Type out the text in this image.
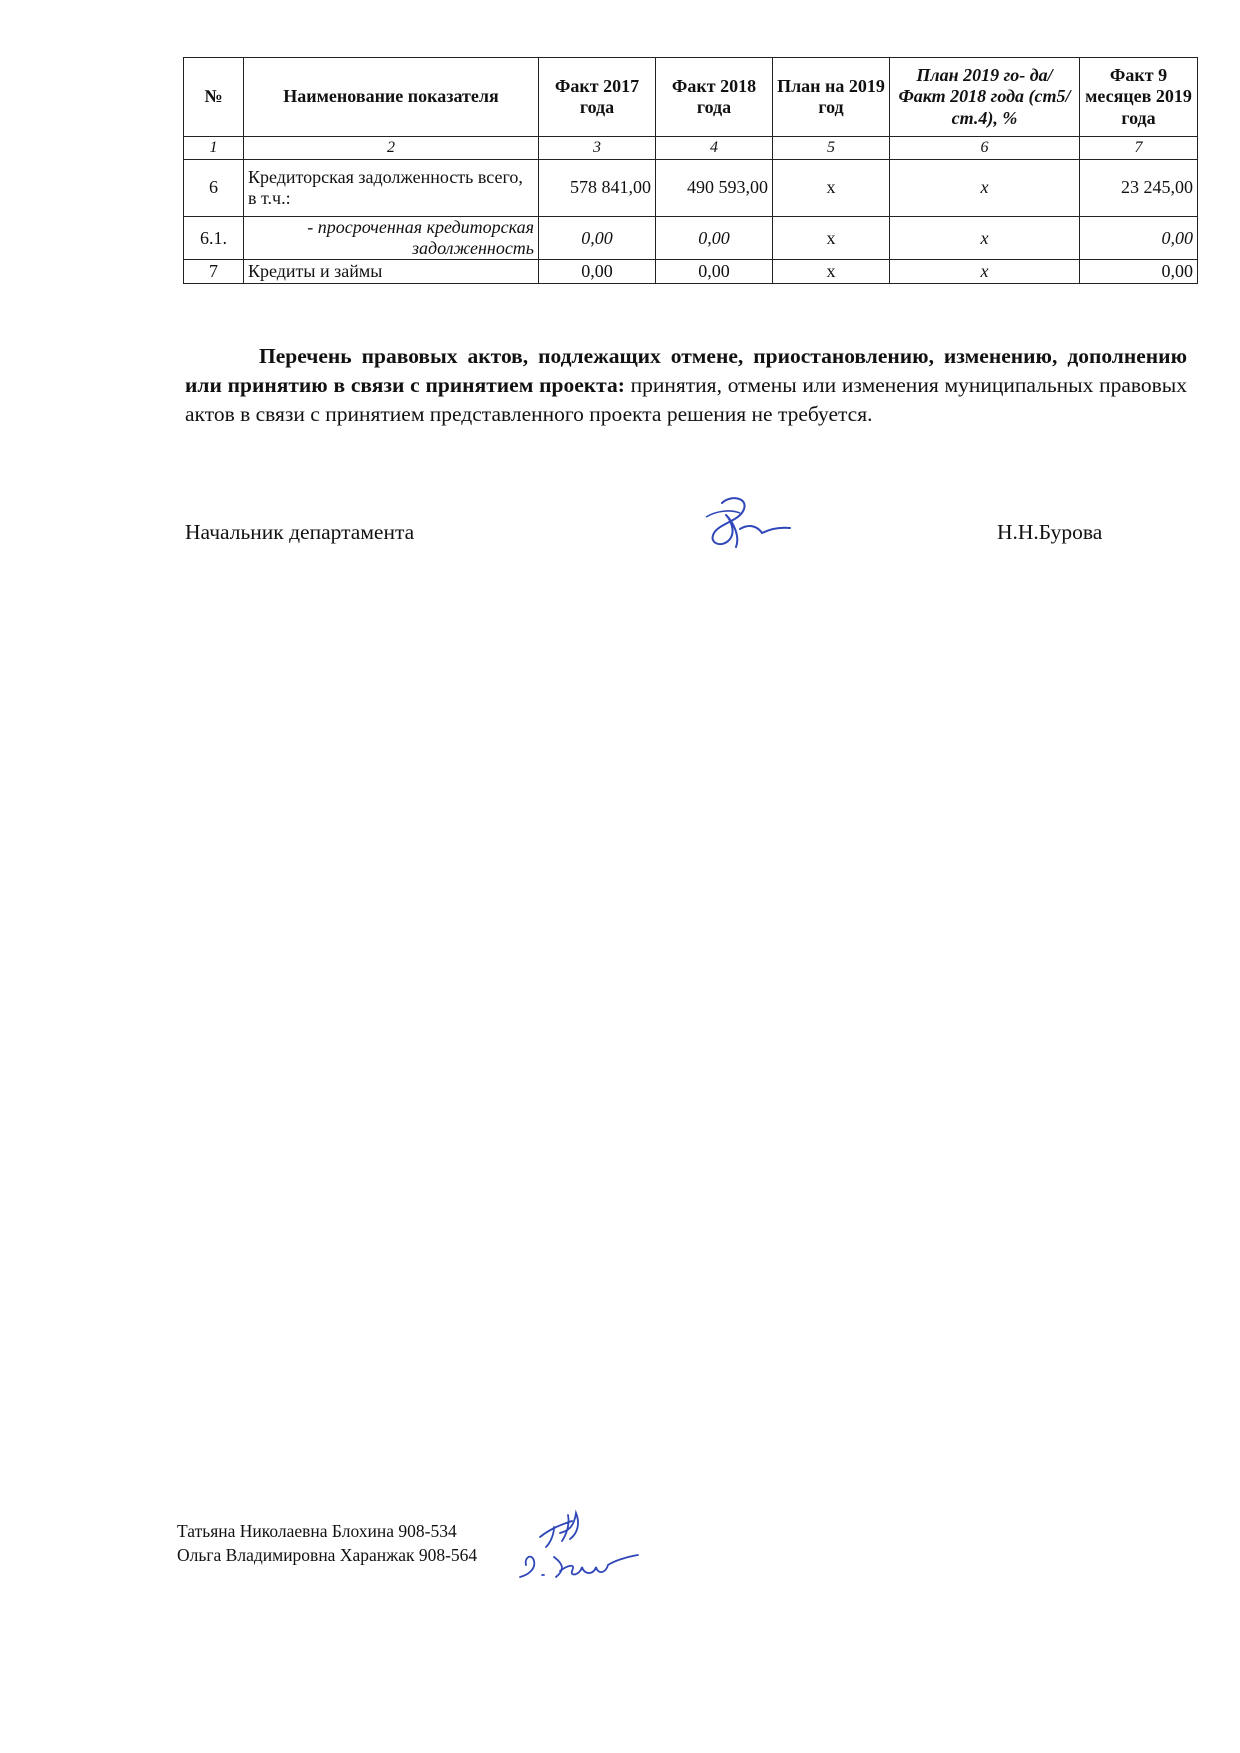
№	Наименование показателя	Факт 2017 года	Факт 2018 года	План на 2019 год	План 2019 го- да/Факт 2018 года (ст5/ст.4), %	Факт 9 месяцев 2019 года
1	2	3	4	5	6	7
6	Кредиторская задолженность всего, в т.ч.:	578 841,00	490 593,00	x	x	23 245,00
6.1.	- просроченная кредиторская задолженность	0,00	0,00	x	x	0,00
7	Кредиты и займы	0,00	0,00	x	x	0,00

Перечень правовых актов, подлежащих отмене, приостановлению, изменению, дополнению или принятию в связи с принятием проекта: принятия, отмены или изменения муниципальных правовых актов в связи с принятием представленного проекта решения не требуется.

Начальник департамента	Н.Н.Бурова
Татьяна Николаевна Блохина 908-534
Ольга Владимировна Харанжак 908-564
